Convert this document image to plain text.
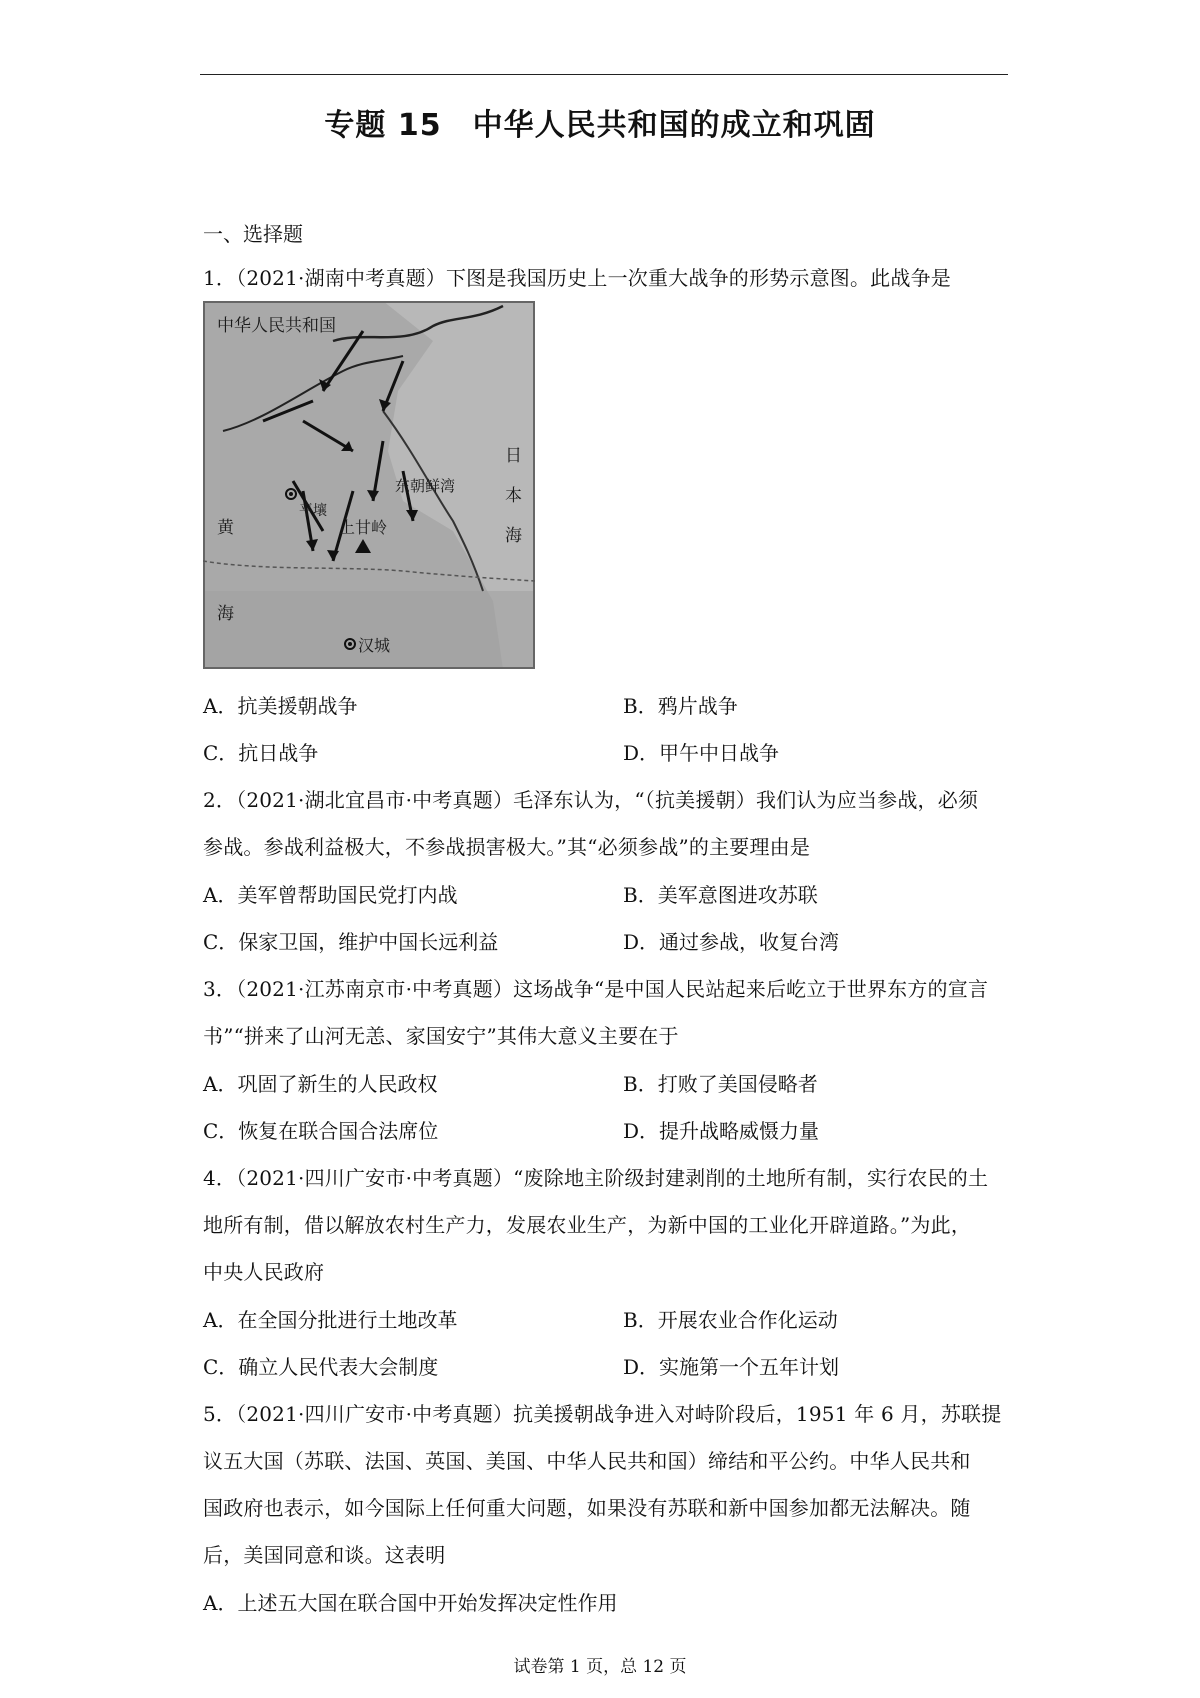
专题 15　中华人民共和国的成立和巩固
一、选择题
1．（2021·湖南中考真题）下图是我国历史上一次重大战争的形势示意图。此战争是
A．抗美援朝战争	B．鸦片战争
C．抗日战争	D．甲午中日战争
2．（2021·湖北宜昌市·中考真题）毛泽东认为，“（抗美援朝）我们认为应当参战，必须
参战。参战利益极大，不参战损害极大。”其“必须参战”的主要理由是
A．美军曾帮助国民党打内战	B．美军意图进攻苏联
C．保家卫国，维护中国长远利益	D．通过参战，收复台湾
3．（2021·江苏南京市·中考真题）这场战争“是中国人民站起来后屹立于世界东方的宣言
书”“拼来了山河无恙、家国安宁”其伟大意义主要在于
A．巩固了新生的人民政权	B．打败了美国侵略者
C．恢复在联合国合法席位	D．提升战略威慑力量
4．（2021·四川广安市·中考真题）“废除地主阶级封建剥削的土地所有制，实行农民的土
地所有制，借以解放农村生产力，发展农业生产，为新中国的工业化开辟道路。”为此，
中央人民政府
A．在全国分批进行土地改革	B．开展农业合作化运动
C．确立人民代表大会制度	D．实施第一个五年计划
5．（2021·四川广安市·中考真题）抗美援朝战争进入对峙阶段后，1951 年 6 月，苏联提
议五大国（苏联、法国、英国、美国、中华人民共和国）缔结和平公约。中华人民共和
国政府也表示，如今国际上任何重大问题，如果没有苏联和新中国参加都无法解决。随
后，美国同意和谈。这表明
A．上述五大国在联合国中开始发挥决定性作用
中华人民共和国
日
本
海
东朝鲜湾
平壤
上甘岭
黄
海
汉城
试卷第 1 页，总 12 页
